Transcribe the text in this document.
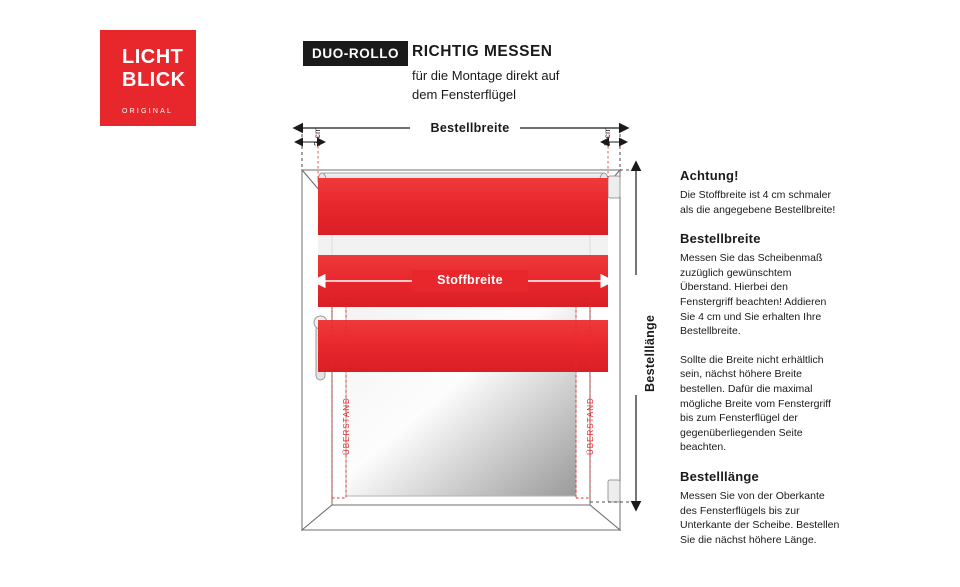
LICHT
BLICK
ORIGINAL
DUO-ROLLO RICHTIG MESSEN
für die Montage direkt auf
dem Fensterflügel
Bestellbreite
Bestelllänge
2 cm	2 cm
Stoffbreite
ÜBERSTAND	ÜBERSTAND
Achtung!

Die Stoffbreite ist 4 cm schmaler als die angegebene Bestellbreite!

Bestellbreite

Messen Sie das Scheibenmaß zuzüglich gewünschtem Überstand. Hierbei den Fenstergriff beachten! Addieren Sie 4 cm und Sie erhalten Ihre Bestellbreite.

Sollte die Breite nicht erhältlich sein, nächst höhere Breite bestellen. Dafür die maximal mögliche Breite vom Fenstergriff bis zum Fensterflügel der gegenüberliegenden Seite beachten.

Bestelllänge

Messen Sie von der Oberkante des Fensterflügels bis zur Unterkante der Scheibe. Bestellen Sie die nächst höhere Länge.
